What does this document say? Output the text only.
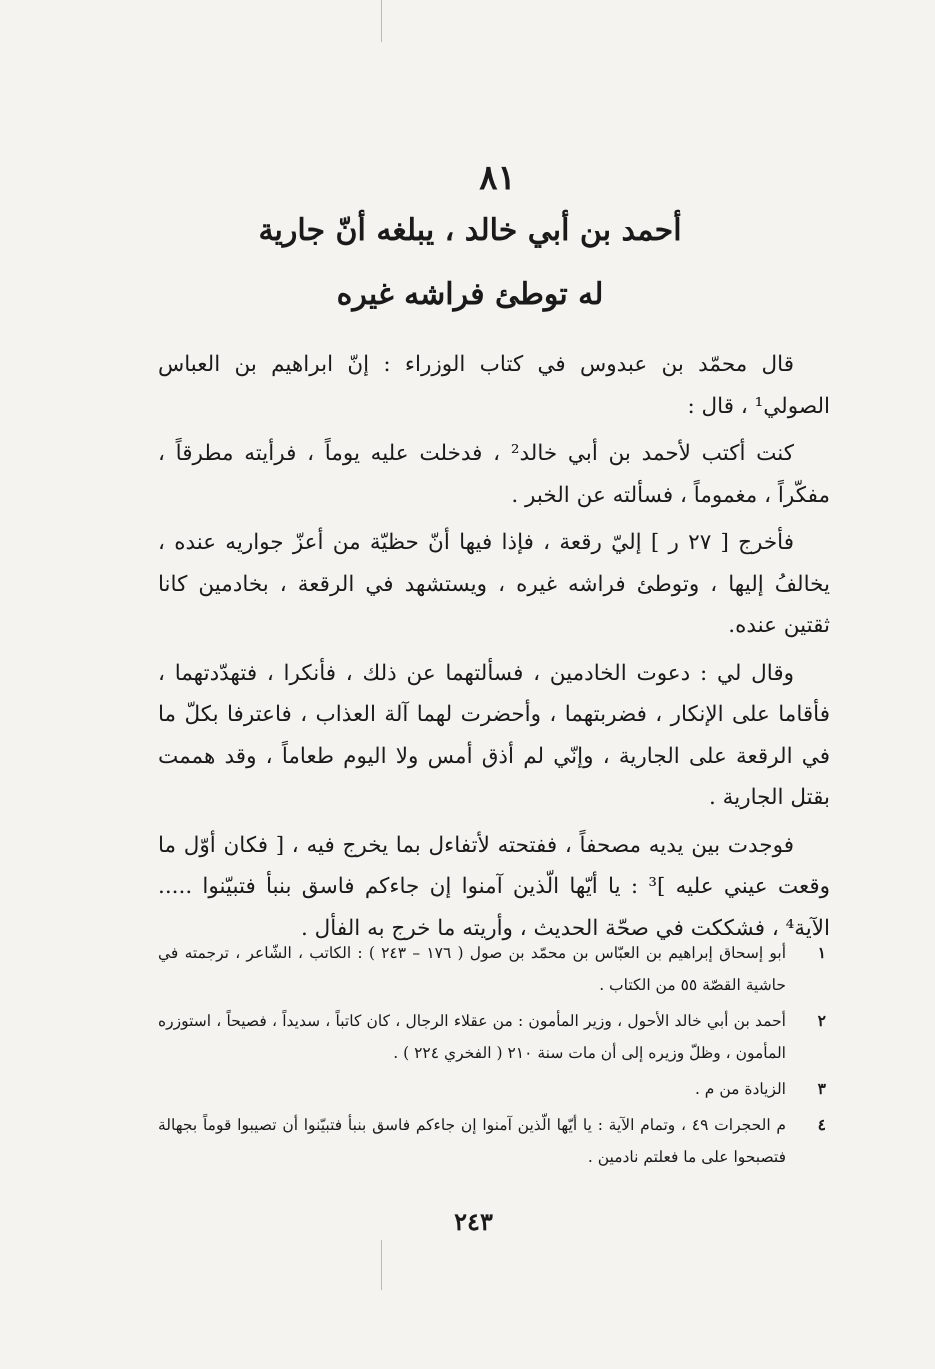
٨١
أحمد بن أبي خالد ، يبلغه أنّ جارية
له توطئ فراشه غيره

قال محمّد بن عبدوس في كتاب الوزراء : إنّ ابراهيم بن العباس الصولي¹ ، قال :

كنت أكتب لأحمد بن أبي خالد² ، فدخلت عليه يوماً ، فرأيته مطرقاً ، مفكّراً ، مغموماً ، فسألته عن الخبر .

فأخرج [ ٢٧ ر ] إليّ رقعة ، فإذا فيها أنّ حظيّة من أعزّ جواريه عنده ، يخالفُ إليها ، وتوطئ فراشه غيره ، ويستشهد في الرقعة ، بخادمين كانا ثقتين عنده.

وقال لي : دعوت الخادمين ، فسألتهما عن ذلك ، فأنكرا ، فتهدّدتهما ، فأقاما على الإنكار ، فضربتهما ، وأحضرت لهما آلة العذاب ، فاعترفا بكلّ ما في الرقعة على الجارية ، وإنّي لم أذق أمس ولا اليوم طعاماً ، وقد هممت بقتل الجارية .

فوجدت بين يديه مصحفاً ، ففتحته لأتفاءل بما يخرج فيه ، [ فكان أوّل ما وقعت عيني عليه ]³ : يا أيّها الّذين آمنوا إن جاءكم فاسق بنبأ فتبيّنوا ..... الآية⁴ ، فشككت في صحّة الحديث ، وأريته ما خرج به الفأل .

١
أبو إسحاق إبراهيم بن العبّاس بن محمّد بن صول ( ١٧٦ – ٢٤٣ ) : الكاتب ، الشّاعر ، ترجمته في حاشية القصّة ٥٥ من الكتاب .
٢
أحمد بن أبي خالد الأحول ، وزير المأمون : من عقلاء الرجال ، كان كاتباً ، سديداً ، فصيحاً ، استوزره المأمون ، وظلّ وزيره إلى أن مات سنة ٢١٠ ( الفخري ٢٢٤ ) .
٣
الزيادة من م .
٤
م الحجرات ٤٩ ، وتمام الآية : يا أيّها الّذين آمنوا إن جاءكم فاسق بنبأ فتبيّنوا أن تصيبوا قوماً بجهالة فتصبحوا على ما فعلتم نادمين .
٢٤٣
